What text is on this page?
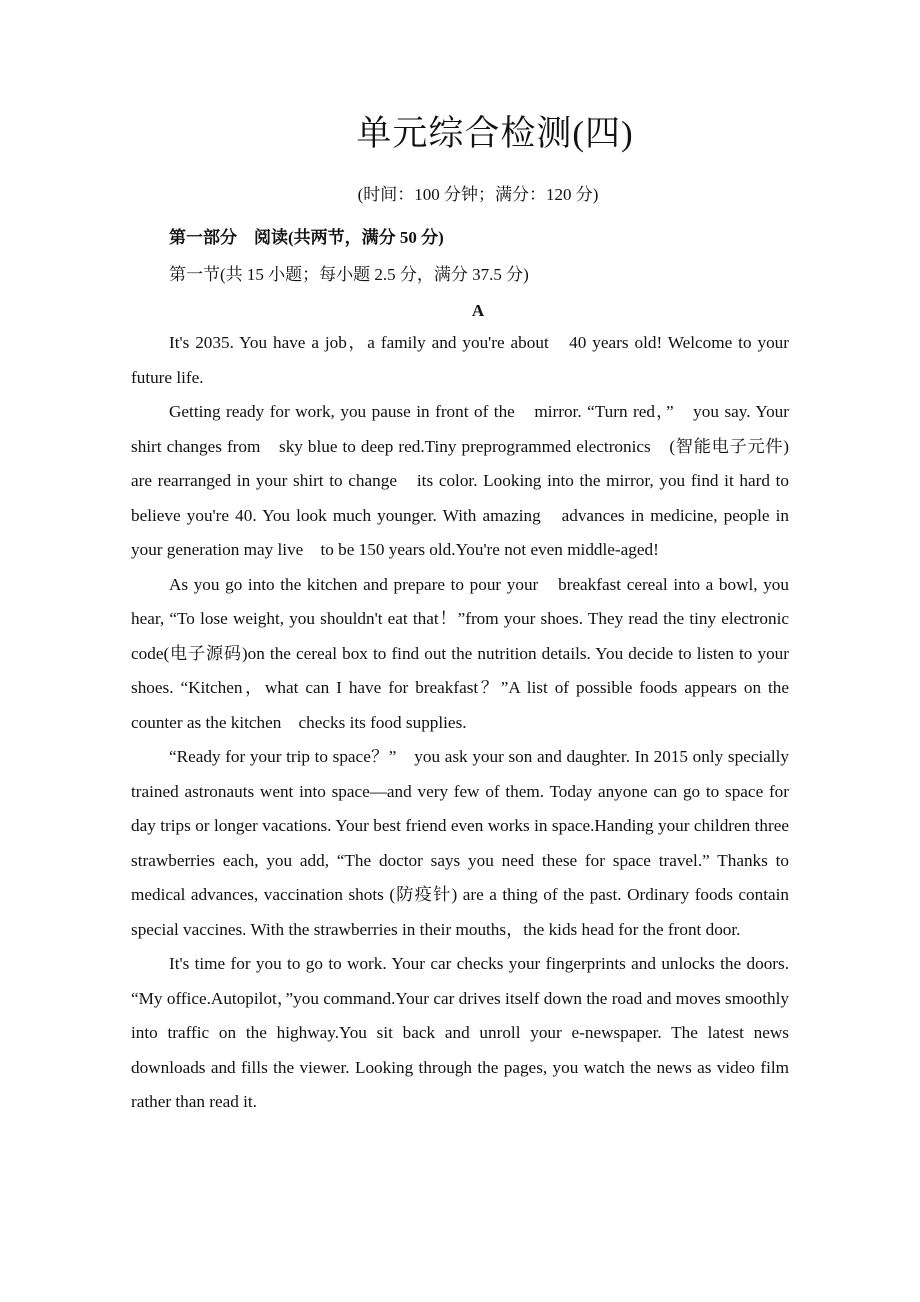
单元综合检测(四)
(时间：100 分钟；满分：120 分)
第一部分　阅读(共两节，满分 50 分)
第一节(共 15 小题；每小题 2.5 分，满分 37.5 分)
A

It's 2035. You have a job，a family and you're about　40 years old! Welcome to your future life.

Getting ready for work, you pause in front of the　mirror. “Turn red，”　you say. Your shirt changes from　sky blue to deep red.Tiny preprogrammed electronics　(智能电子元件) are rearranged in your shirt to change　its color. Looking into the mirror, you find it hard to　believe you're 40. You look much younger. With amazing　advances in medicine, people in your generation may live　to be 150 years old.You're not even middle-aged!

As you go into the kitchen and prepare to pour your　breakfast cereal into a bowl, you hear, “To lose weight, you shouldn't eat that！”from your shoes. They read the tiny electronic code(电子源码)on the cereal box to find out the nutrition details. You decide to listen to your　shoes. “Kitchen，what can I have for breakfast？”A list of possible foods appears on the counter as the kitchen　checks its food supplies.

“Ready for your trip to space？”　you ask your son and daughter. In 2015 only specially trained astronauts went into space—and very few of them. Today anyone can go to space for day trips or longer vacations. Your best friend even works in space.Handing your children three strawberries each, you add, “The doctor says you need these for space travel.” Thanks to medical advances, vaccination shots (防疫针) are a thing of the past. Ordinary foods contain special vaccines. With the strawberries in their mouths，the kids head for the front door.

It's time for you to go to work. Your car checks your fingerprints and unlocks the doors. “My office.Autopilot，”you command.Your car drives itself down the road and moves smoothly into traffic on the highway.You sit back and unroll your e-newspaper. The latest news downloads and fills the viewer. Looking through the pages, you watch the news as video film rather than read it.
